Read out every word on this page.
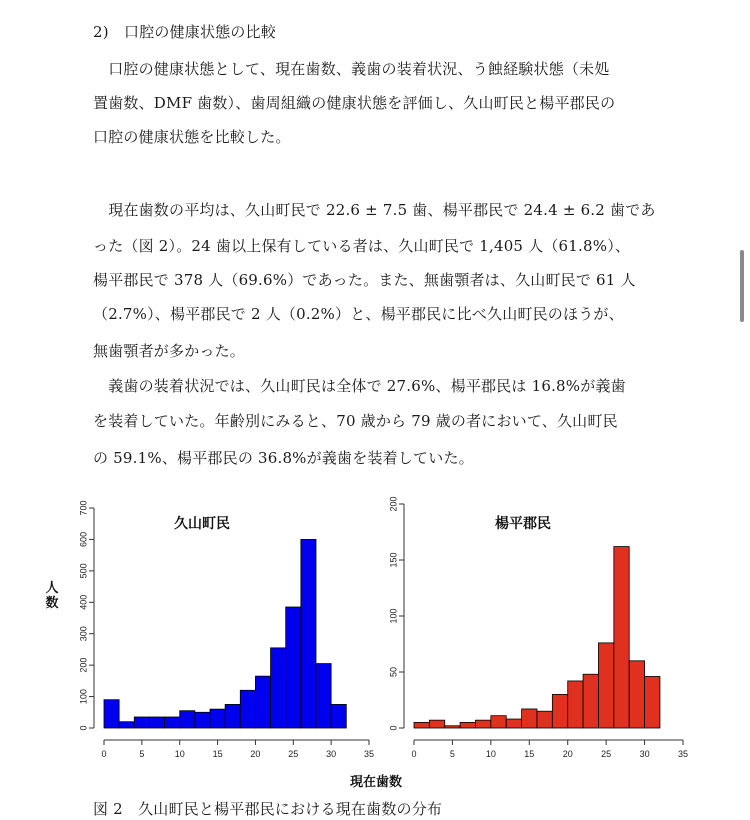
2)　口腔の健康状態の比較
　口腔の健康状態として、現在歯数、義歯の装着状況、う蝕経験状態（未処
置歯数、DMF 歯数）、歯周組織の健康状態を評価し、久山町民と楊平郡民の
口腔の健康状態を比較した。
　現在歯数の平均は、久山町民で 22.6 ± 7.5 歯、楊平郡民で 24.4 ± 6.2 歯であ
った（図 2）。24 歯以上保有している者は、久山町民で 1,405 人（61.8%）、
楊平郡民で 378 人（69.6%）であった。また、無歯顎者は、久山町民で 61 人
（2.7%）、楊平郡民で 2 人（0.2%）と、楊平郡民に比べ久山町民のほうが、
無歯顎者が多かった。
　義歯の装着状況では、久山町民は全体で 27.6%、楊平郡民は 16.8%が義歯
を装着していた。年齢別にみると、70 歳から 79 歳の者において、久山町民
の 59.1%、楊平郡民の 36.8%が義歯を装着していた。
0	5	10	15	20	25	30	35
0
100
200
300
400
500
600
700
久山町民
0	5	10	15	20	25	30	35
0
50
100
150
200
楊平郡民
人
数
現在歯数
図 2　久山町民と楊平郡民における現在歯数の分布
